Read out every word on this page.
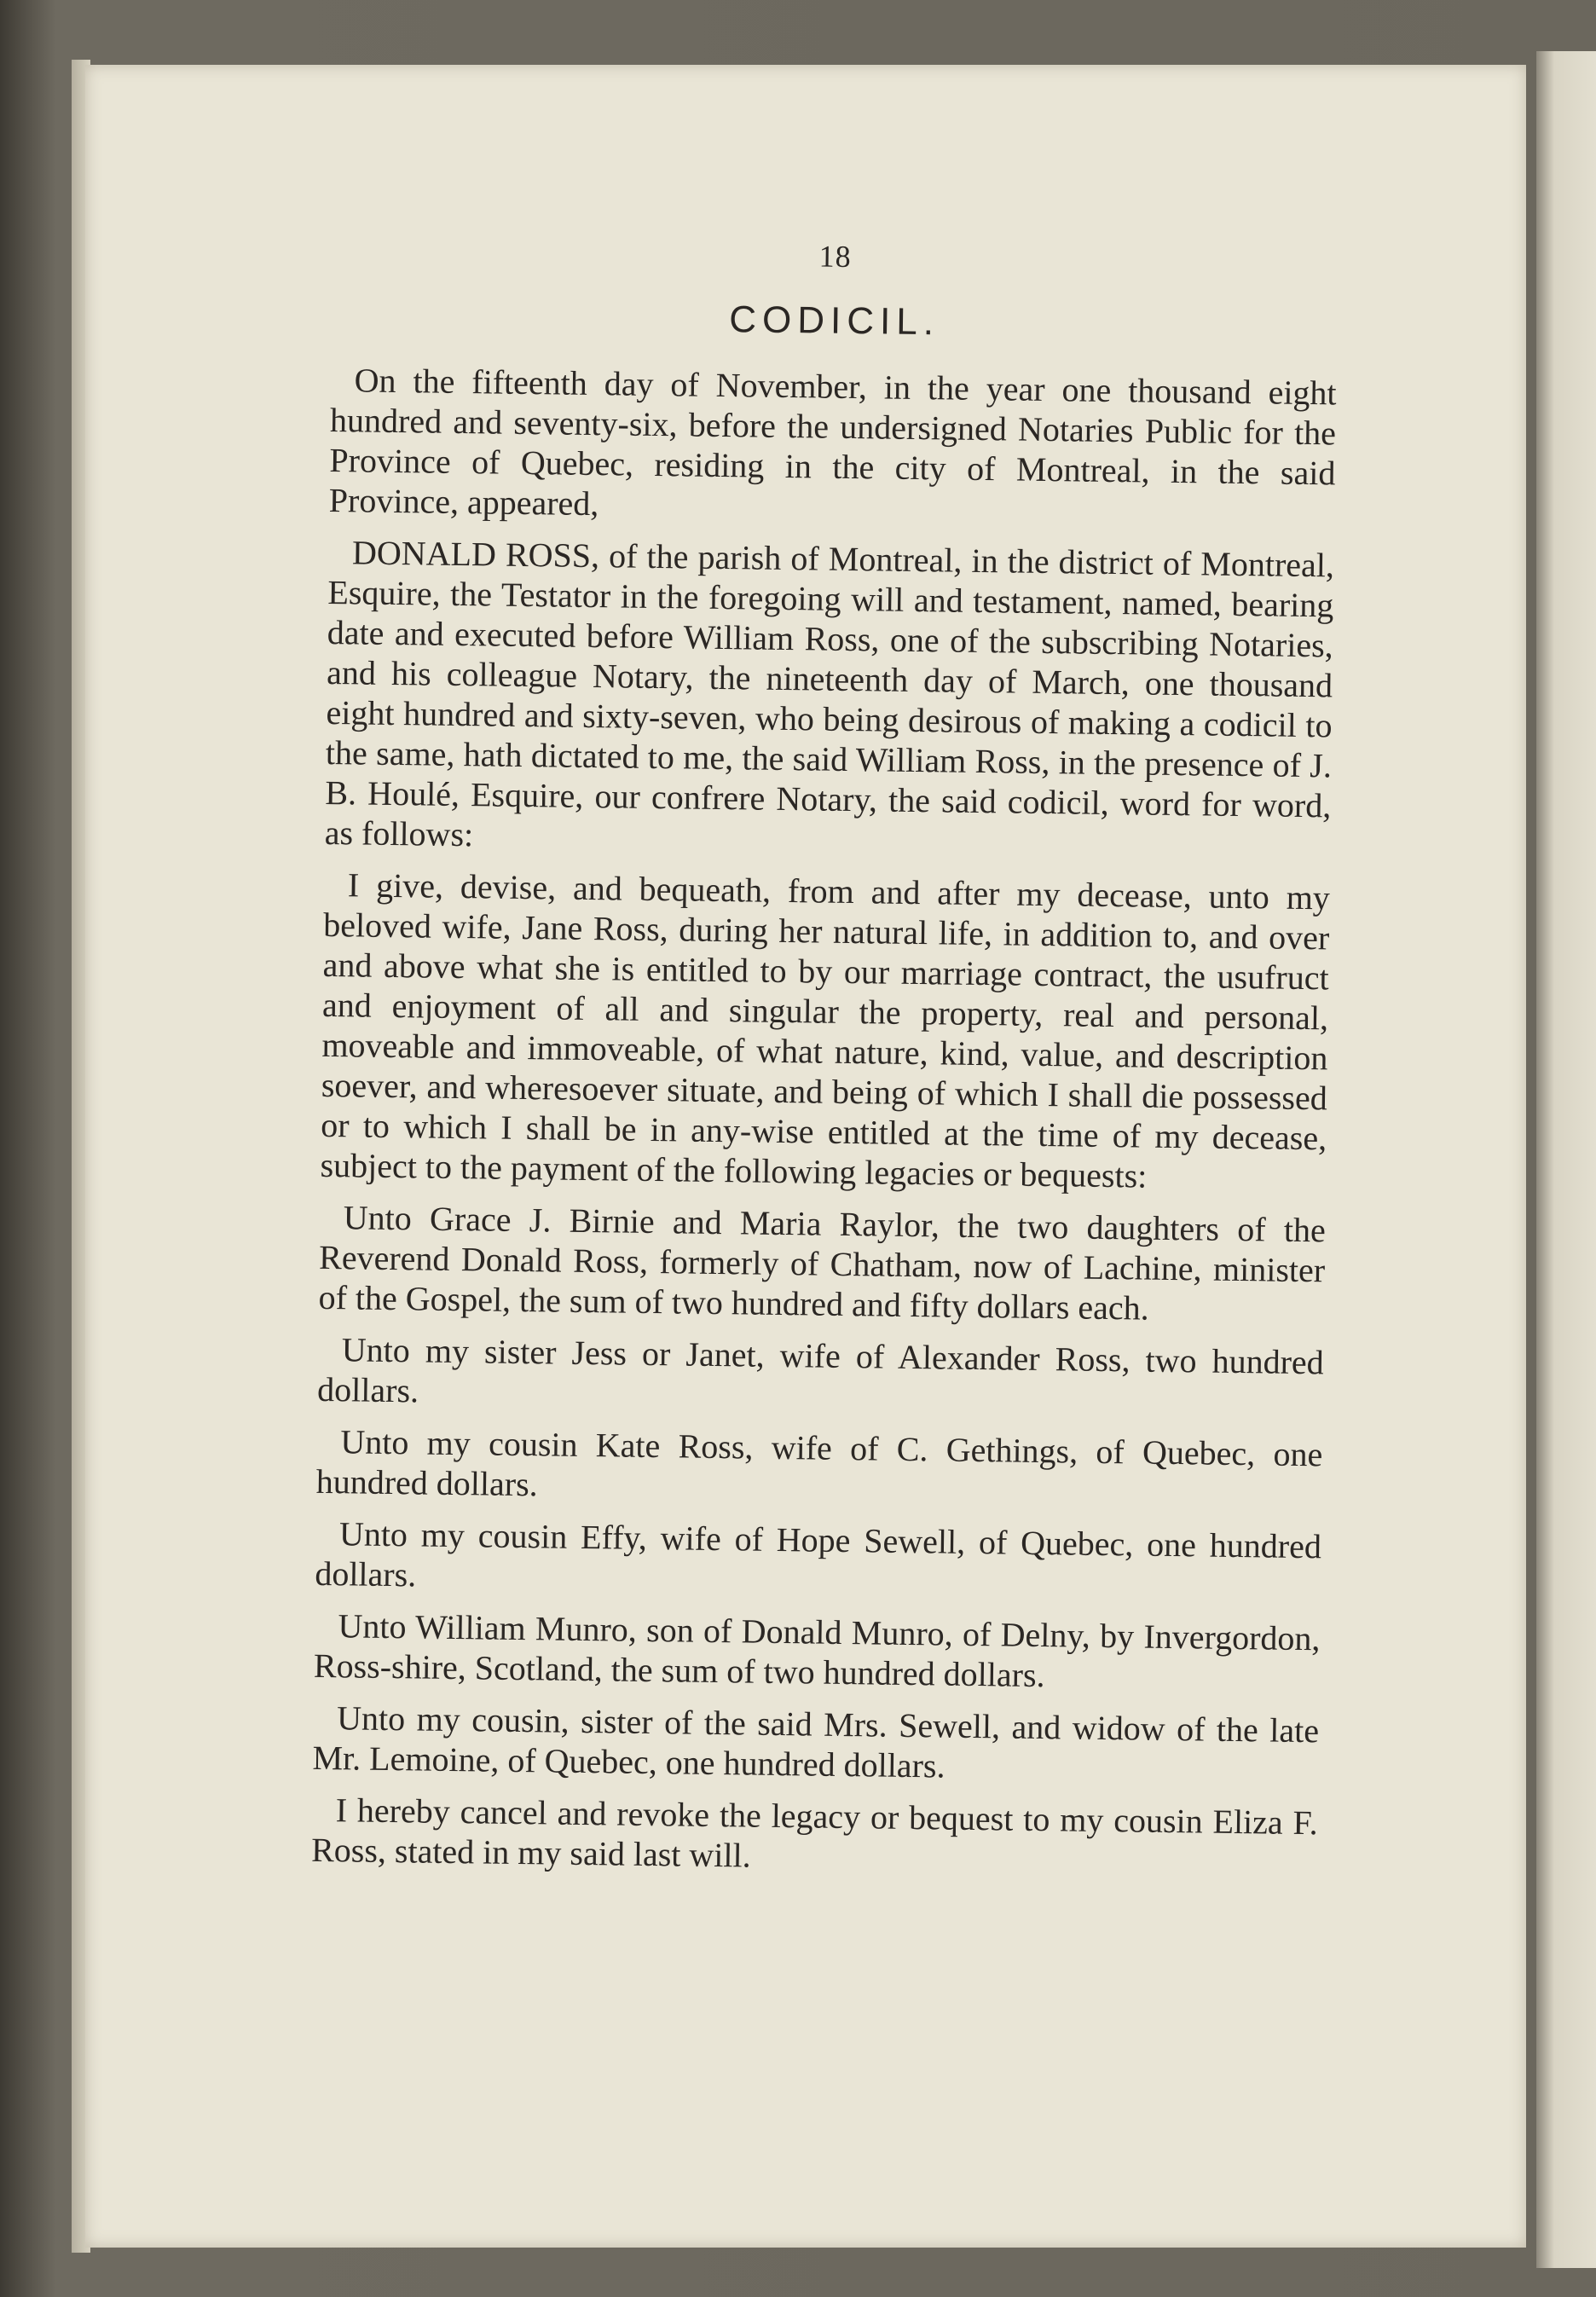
18
CODICIL.

On the fifteenth day of November, in the year one thousand eight hundred and seventy-six, before the undersigned Notaries Public for the Province of Quebec, residing in the city of Montreal, in the said Province, appeared,

DONALD ROSS, of the parish of Montreal, in the district of Montreal, Esquire, the Testator in the foregoing will and testament, named, bearing date and executed before William Ross, one of the subscribing Notaries, and his colleague Notary, the nineteenth day of March, one thousand eight hundred and sixty-seven, who being desirous of making a codicil to the same, hath dictated to me, the said William Ross, in the presence of J. B. Houlé, Esquire, our confrere Notary, the said codicil, word for word, as follows:

I give, devise, and bequeath, from and after my decease, unto my beloved wife, Jane Ross, during her natural life, in addition to, and over and above what she is entitled to by our marriage contract, the usufruct and enjoyment of all and singular the property, real and personal, moveable and immoveable, of what nature, kind, value, and description soever, and wheresoever situate, and being of which I shall die possessed or to which I shall be in any-wise entitled at the time of my decease, subject to the payment of the following legacies or bequests:

Unto Grace J. Birnie and Maria Raylor, the two daughters of the Reverend Donald Ross, formerly of Chatham, now of Lachine, minister of the Gospel, the sum of two hundred and fifty dollars each.

Unto my sister Jess or Janet, wife of Alexander Ross, two hundred dollars.

Unto my cousin Kate Ross, wife of C. Gethings, of Quebec, one hundred dollars.

Unto my cousin Effy, wife of Hope Sewell, of Quebec, one hundred dollars.

Unto William Munro, son of Donald Munro, of Delny, by Invergordon, Ross-shire, Scotland, the sum of two hundred dollars.

Unto my cousin, sister of the said Mrs. Sewell, and widow of the late Mr. Lemoine, of Quebec, one hundred dollars.

I hereby cancel and revoke the legacy or bequest to my cousin Eliza F. Ross, stated in my said last will.
